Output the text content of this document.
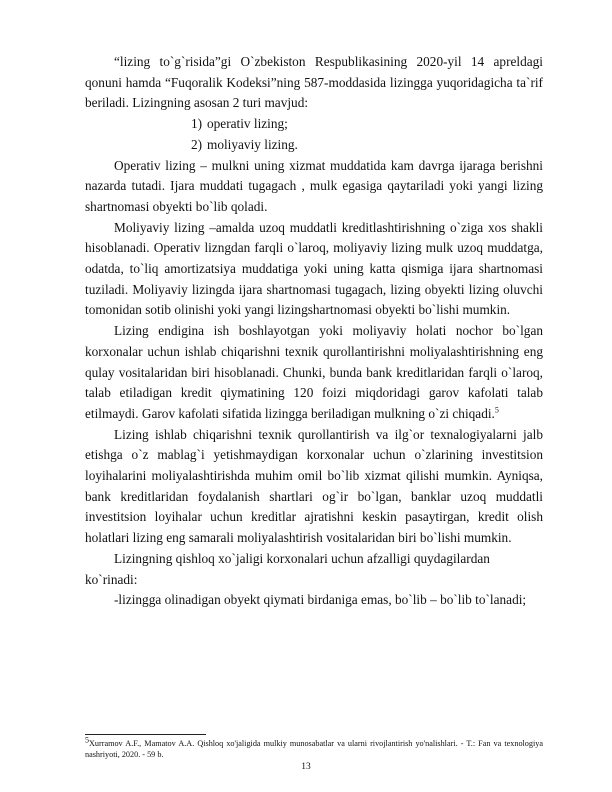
“lizing to`g`risida”gi O`zbekiston Respublikasining 2020-yil 14 apreldagi qonuni hamda “Fuqoralik Kodeksi”ning 587-moddasida lizingga yuqoridagicha ta`rif beriladi. Lizingning asosan 2 turi mavjud:

1) operativ lizing;
2) moliyaviy lizing.

Operativ lizing – mulkni uning xizmat muddatida kam davrga ijaraga berishni nazarda tutadi. Ijara muddati tugagach , mulk egasiga qaytariladi yoki yangi lizing shartnomasi obyekti bo`lib qoladi.

Moliyaviy lizing –amalda uzoq muddatli kreditlashtirishning o`ziga xos shakli hisoblanadi. Operativ lizngdan farqli o`laroq, moliyaviy lizing mulk uzoq muddatga, odatda, to`liq amortizatsiya muddatiga yoki uning katta qismiga ijara shartnomasi tuziladi. Moliyaviy lizingda ijara shartnomasi tugagach, lizing obyekti lizing oluvchi tomonidan sotib olinishi yoki yangi lizingshartnomasi obyekti bo`lishi mumkin.

Lizing endigina ish boshlayotgan yoki moliyaviy holati nochor bo`lgan korxonalar uchun ishlab chiqarishni texnik qurollantirishni moliyalashtirishning eng qulay vositalaridan biri hisoblanadi. Chunki, bunda bank kreditlaridan farqli o`laroq, talab etiladigan kredit qiymatining 120 foizi miqdoridagi garov kafolati talab etilmaydi. Garov kafolati sifatida lizingga beriladigan mulkning o`zi chiqadi.$^5$

Lizing ishlab chiqarishni texnik qurollantirish va ilg`or texnalogiyalarni jalb etishga o`z mablag`i yetishmaydigan korxonalar uchun o`zlarining investitsion loyihalarini moliyalashtirishda muhim omil bo`lib xizmat qilishi mumkin. Ayniqsa, bank kreditlaridan foydalanish shartlari og`ir bo`lgan, banklar uzoq muddatli investitsion loyihalar uchun kreditlar ajratishni keskin pasaytirgan, kredit olish holatlari lizing eng samarali moliyalashtirish vositalaridan biri bo`lishi mumkin.

Lizingning qishloq xo`jaligi korxonalari uchun afzalligi quydagilardan ko`rinadi:

-lizingga olinadigan obyekt qiymati birdaniga emas, bo`lib – bo`lib to`lanadi;

$^5$Xurramov A.F., Mamatov A.A. Qishloq xo'jaligida mulkiy munosabatlar va ularni rivojlantirish yo'nalishlari. - T.: Fan va texnologiya nashriyoti, 2020. - 59 b.
13
